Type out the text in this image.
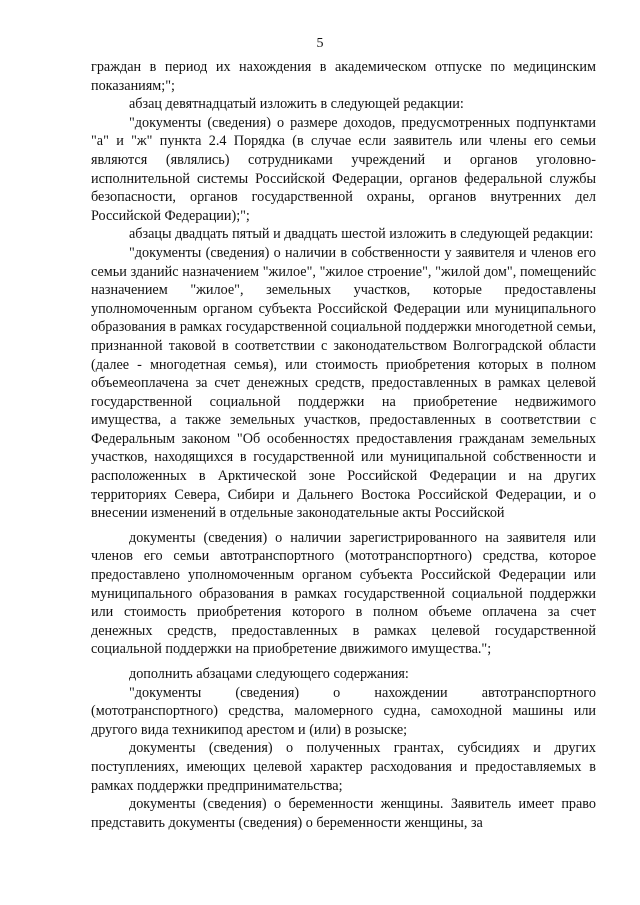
5

граждан в период их нахождения в академическом отпуске по медицинским показаниям;";

абзац девятнадцатый изложить в следующей редакции:

"документы (сведения) о размере доходов, предусмотренных подпунктами "а" и "ж" пункта 2.4 Порядка (в случае если заявитель или члены его семьи являются (являлись) сотрудниками учреждений и органов уголовно-исполнительной системы Российской Федерации, органов федеральной службы безопасности, органов государственной охраны, органов внутренних дел Российской Федерации);";

абзацы двадцать пятый и двадцать шестой изложить в следующей редакции:

"документы (сведения) о наличии в собственности у заявителя и членов его семьи зданийс назначением "жилое", "жилое строение", "жилой дом", помещенийс назначением "жилое", земельных участков, которые предоставлены уполномоченным органом субъекта Российской Федерации или муниципального образования в рамках государственной социальной поддержки многодетной семьи, признанной таковой в соответствии с законодательством Волгоградской области (далее - многодетная семья), или стоимость приобретения которых в полном объемеоплачена за счет денежных средств, предоставленных в рамках целевой государственной социальной поддержки на приобретение недвижимого имущества, а также земельных участков, предоставленных в соответствии с Федеральным законом "Об особенностях предоставления гражданам земельных участков, находящихся в государственной или муниципальной собственности и расположенных в Арктической зоне Российской Федерации и на других территориях Севера, Сибири и Дальнего Востока Российской Федерации, и о внесении изменений в отдельные законодательные акты Российской

документы (сведения) о наличии зарегистрированного на заявителя или членов его семьи автотранспортного (мототранспортного) средства, которое предоставлено уполномоченным органом субъекта Российской Федерации или муниципального образования в рамках государственной социальной поддержки или стоимость приобретения которого в полном объеме оплачена за счет денежных средств, предоставленных в рамках целевой государственной социальной поддержки на приобретение движимого имущества.";

дополнить абзацами следующего содержания:

"документы (сведения) о нахождении автотранспортного (мототранспортного) средства, маломерного судна, самоходной машины или другого вида техникипод арестом и (или) в розыске;

документы (сведения) о полученных грантах, субсидиях и других поступлениях, имеющих целевой характер расходования и предоставляемых в рамках поддержки предпринимательства;

документы (сведения) о беременности женщины. Заявитель имеет право представить документы (сведения) о беременности женщины, за
